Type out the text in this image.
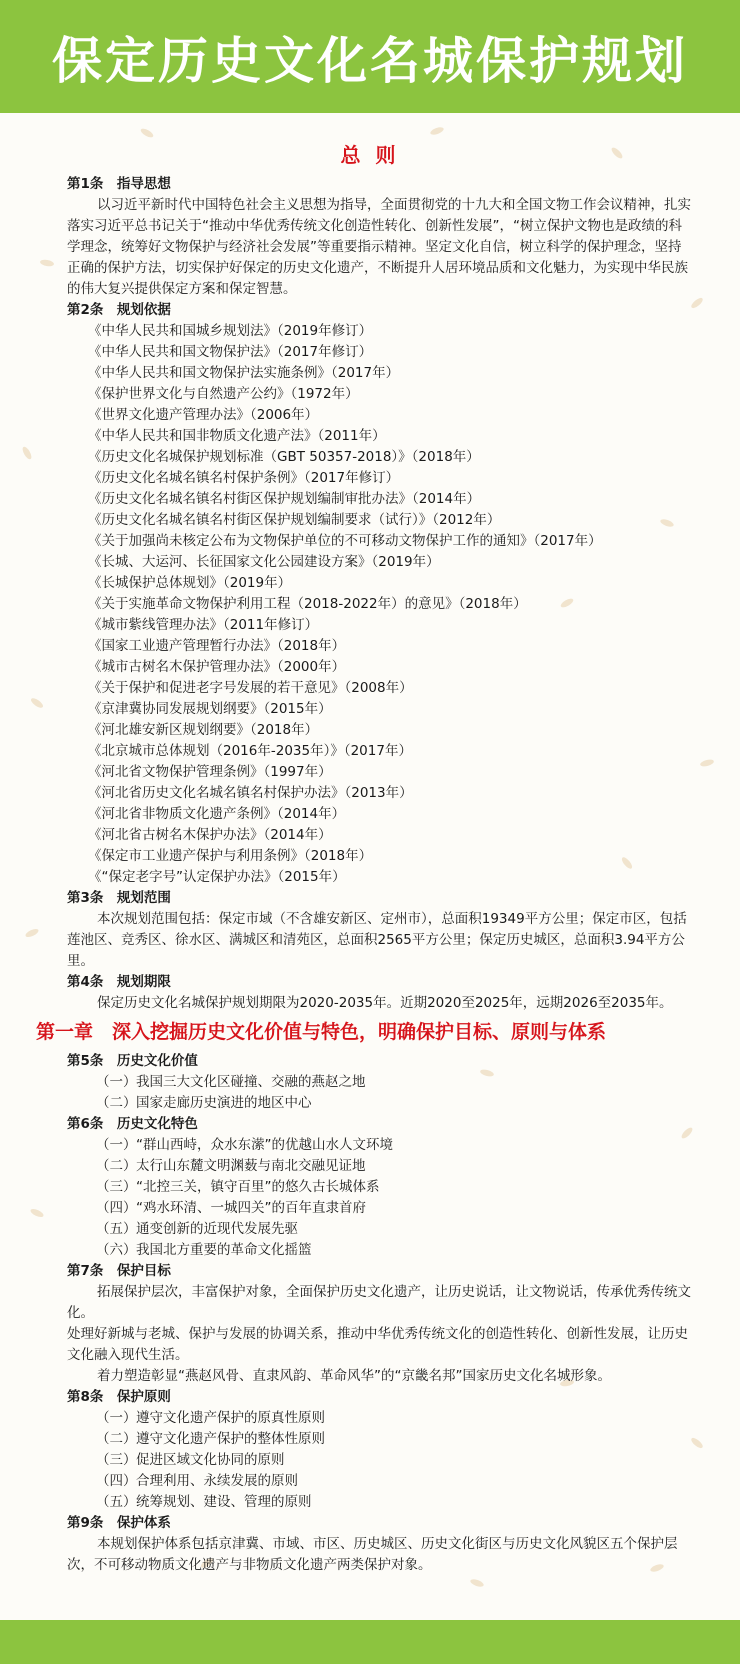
保定历史文化名城保护规划
总 则
第1条　指导思想
以习近平新时代中国特色社会主义思想为指导，全面贯彻党的十九大和全国文物工作会议精神，扎实落实习近平总书记关于“推动中华优秀传统文化创造性转化、创新性发展”，“树立保护文物也是政绩的科学理念，统筹好文物保护与经济社会发展”等重要指示精神。坚定文化自信，树立科学的保护理念，坚持正确的保护方法，切实保护好保定的历史文化遗产，不断提升人居环境品质和文化魅力，为实现中华民族的伟大复兴提供保定方案和保定智慧。
第2条　规划依据
《中华人民共和国城乡规划法》（2019年修订）
《中华人民共和国文物保护法》（2017年修订）
《中华人民共和国文物保护法实施条例》（2017年）
《保护世界文化与自然遗产公约》（1972年）
《世界文化遗产管理办法》（2006年）
《中华人民共和国非物质文化遗产法》（2011年）
《历史文化名城保护规划标准（GBT 50357-2018）》（2018年）
《历史文化名城名镇名村保护条例》（2017年修订）
《历史文化名城名镇名村街区保护规划编制审批办法》（2014年）
《历史文化名城名镇名村街区保护规划编制要求（试行）》（2012年）
《关于加强尚未核定公布为文物保护单位的不可移动文物保护工作的通知》（2017年）
《长城、大运河、长征国家文化公园建设方案》（2019年）
《长城保护总体规划》（2019年）
《关于实施革命文物保护利用工程（2018-2022年）的意见》（2018年）
《城市紫线管理办法》（2011年修订）
《国家工业遗产管理暂行办法》（2018年）
《城市古树名木保护管理办法》（2000年）
《关于保护和促进老字号发展的若干意见》（2008年）
《京津冀协同发展规划纲要》（2015年）
《河北雄安新区规划纲要》（2018年）
《北京城市总体规划（2016年-2035年）》（2017年）
《河北省文物保护管理条例》（1997年）
《河北省历史文化名城名镇名村保护办法》（2013年）
《河北省非物质文化遗产条例》（2014年）
《河北省古树名木保护办法》（2014年）
《保定市工业遗产保护与利用条例》（2018年）
《“保定老字号”认定保护办法》（2015年）
第3条　规划范围
本次规划范围包括：保定市域（不含雄安新区、定州市），总面积19349平方公里；保定市区，包括莲池区、竞秀区、徐水区、满城区和清苑区，总面积2565平方公里；保定历史城区，总面积3.94平方公里。
第4条　规划期限
保定历史文化名城保护规划期限为2020-2035年。近期2020至2025年，远期2026至2035年。
第一章　深入挖掘历史文化价值与特色，明确保护目标、原则与体系
第5条　历史文化价值
（一）我国三大文化区碰撞、交融的燕赵之地
（二）国家走廊历史演进的地区中心
第6条　历史文化特色
（一）“群山西峙，众水东潆”的优越山水人文环境
（二）太行山东麓文明渊薮与南北交融见证地
（三）“北控三关，镇守百里”的悠久古长城体系
（四）“鸡水环清、一城四关”的百年直隶首府
（五）通变创新的近现代发展先驱
（六）我国北方重要的革命文化摇篮
第7条　保护目标
拓展保护层次，丰富保护对象，全面保护历史文化遗产，让历史说话，让文物说话，传承优秀传统文化。
处理好新城与老城、保护与发展的协调关系，推动中华优秀传统文化的创造性转化、创新性发展，让历史文化融入现代生活。
着力塑造彰显“燕赵风骨、直隶风韵、革命风华”的“京畿名邦”国家历史文化名城形象。
第8条　保护原则
（一）遵守文化遗产保护的原真性原则
（二）遵守文化遗产保护的整体性原则
（三）促进区域文化协同的原则
（四）合理利用、永续发展的原则
（五）统筹规划、建设、管理的原则
第9条　保护体系
本规划保护体系包括京津冀、市域、市区、历史城区、历史文化街区与历史文化风貌区五个保护层次，不可移动物质文化遗产与非物质文化遗产两类保护对象。
